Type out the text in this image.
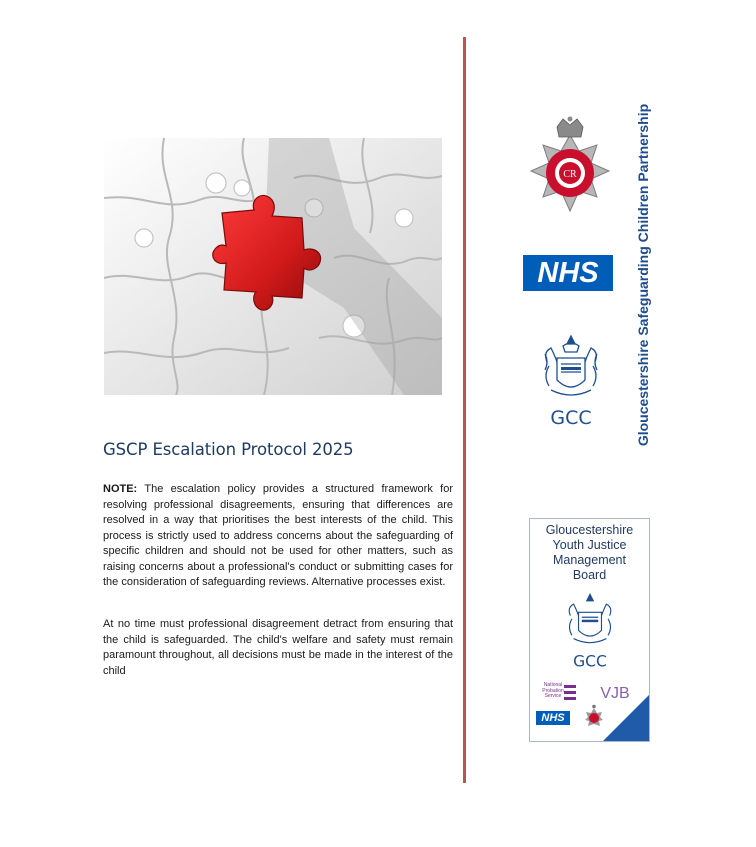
GSCP Escalation Protocol 2025

NOTE: The escalation policy provides a structured framework for resolving professional disagreements, ensuring that differences are resolved in a way that prioritises the best interests of the child. This process is strictly used to address concerns about the safeguarding of specific children and should not be used for other matters, such as raising concerns about a professional's conduct or submitting cases for the consideration of safeguarding reviews. Alternative processes exist.

At no time must professional disagreement detract from ensuring that the child is safeguarded. The child's welfare and safety must remain paramount throughout, all decisions must be made in the interest of the child

Gloucestershire Safeguarding Children Partnership
CR
NHS
GCC

Gloucestershire
Youth Justice
Management
Board

GCC
National Probation Service VJB
NHS
